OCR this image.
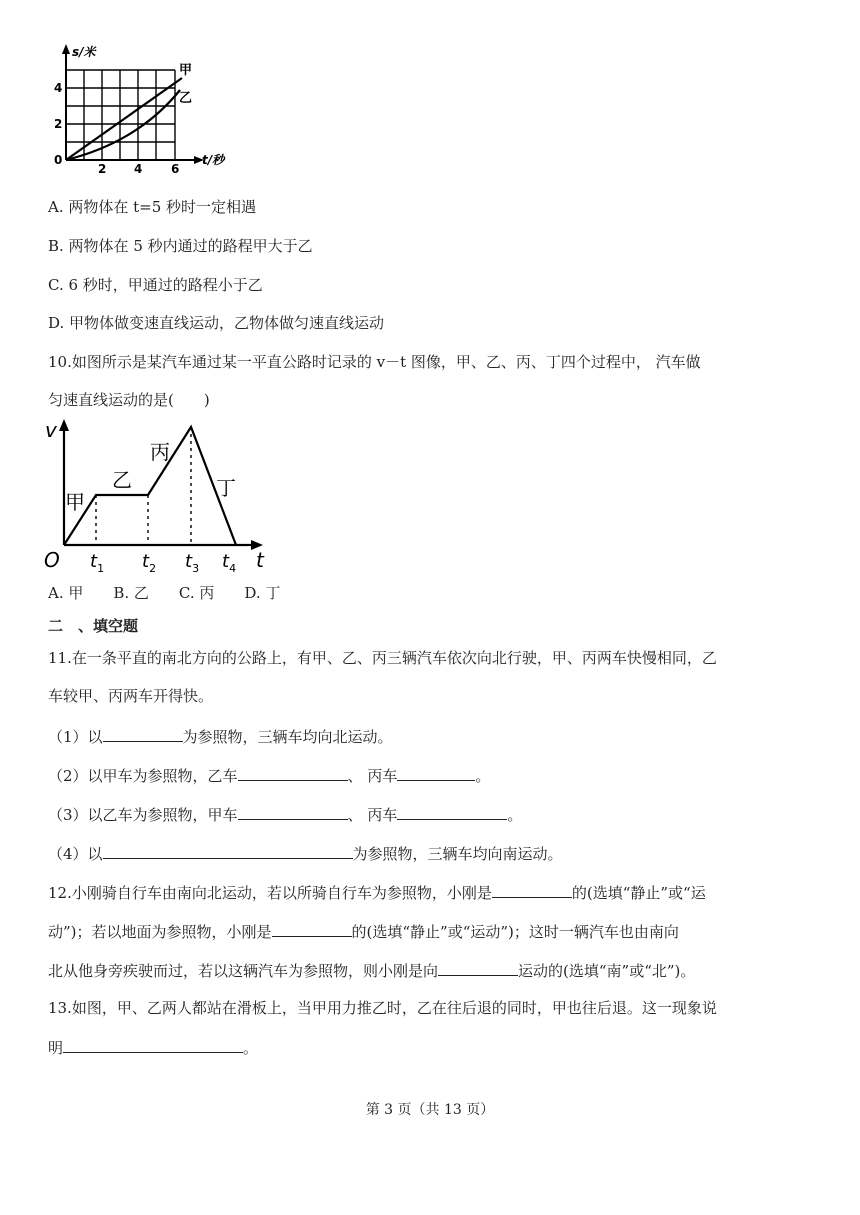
s/米
4
2
0
2 4 6
t/秒
甲
乙
A. 两物体在 t=5 秒时一定相遇
B. 两物体在 5 秒内通过的路程甲大于乙
C. 6 秒时，甲通过的路程小于乙
D. 甲物体做变速直线运动，乙物体做匀速直线运动
10.如图所示是某汽车通过某一平直公路时记录的 v－t 图像，甲、乙、丙、丁四个过程中， 汽车做
匀速直线运动的是(　　)
v
t
O
甲
乙
丙
丁
$t_1$ $t_2$ $t_3$ $t_4$
A. 甲　　B. 乙　　C. 丙　　D. 丁
二　、填空题
11.在一条平直的南北方向的公路上，有甲、乙、丙三辆汽车依次向北行驶，甲、丙两车快慢相同，乙
车较甲、丙两车开得快。
（1）以	为参照物，三辆车均向北运动。
（2）以甲车为参照物，乙车	、 丙车	。
（3）以乙车为参照物，甲车	、 丙车	。
（4）以	为参照物，三辆车均向南运动。
12.小刚骑自行车由南向北运动，若以所骑自行车为参照物，小刚是	的(选填“静止”或“运
动”)；若以地面为参照物，小刚是	的(选填“静止”或“运动”)；这时一辆汽车也由南向
北从他身旁疾驶而过，若以这辆汽车为参照物，则小刚是向	运动的(选填“南”或“北”)。
13.如图，甲、乙两人都站在滑板上，当甲用力推乙时，乙在往后退的同时，甲也往后退。这一现象说
明	。
第 3 页（共 13 页）
